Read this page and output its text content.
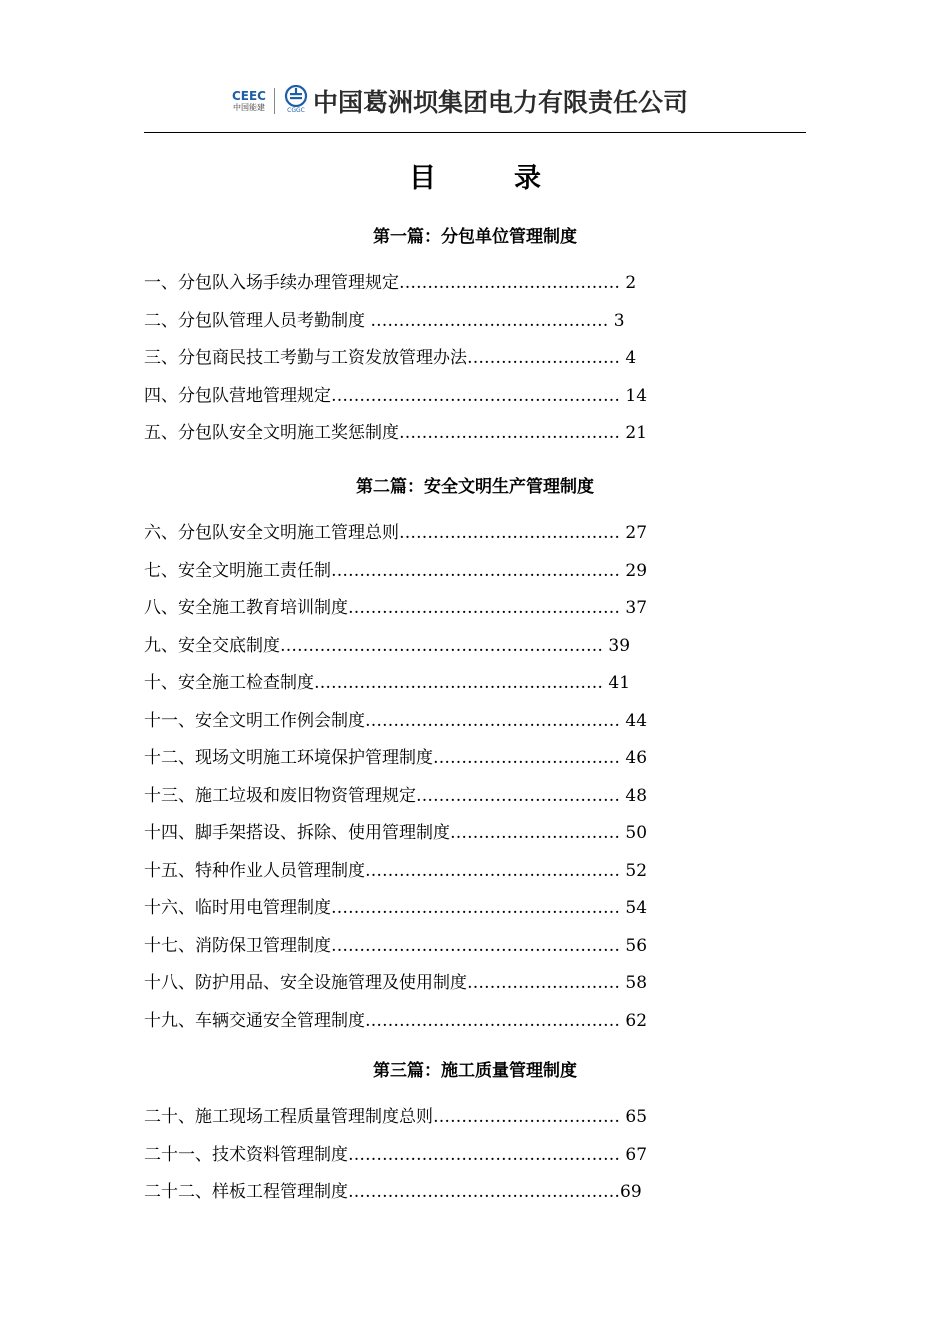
CEEC
中国能建	CGGC 中国葛洲坝集团电力有限责任公司
目录
第一篇：分包单位管理制度
一、分包队入场手续办理管理规定………………………………… 2
二、分包队管理人员考勤制度 …………………………………… 3
三、分包商民技工考勤与工资发放管理办法……………………… 4
四、分包队营地管理规定…………………………………………… 14
五、分包队安全文明施工奖惩制度………………………………… 21
第二篇：安全文明生产管理制度
六、分包队安全文明施工管理总则………………………………… 27
七、安全文明施工责任制…………………………………………… 29
八、安全施工教育培训制度………………………………………… 37
九、安全交底制度………………………………………………… 39
十、安全施工检查制度…………………………………………… 41
十一、安全文明工作例会制度……………………………………… 44
十二、现场文明施工环境保护管理制度…………………………… 46
十三、施工垃圾和废旧物资管理规定……………………………… 48
十四、脚手架搭设、拆除、使用管理制度………………………… 50
十五、特种作业人员管理制度……………………………………… 52
十六、临时用电管理制度…………………………………………… 54
十七、消防保卫管理制度…………………………………………… 56
十八、防护用品、安全设施管理及使用制度……………………… 58
十九、车辆交通安全管理制度……………………………………… 62
第三篇：施工质量管理制度
二十、施工现场工程质量管理制度总则…………………………… 65
二十一、技术资料管理制度………………………………………… 67
二十二、样板工程管理制度…………………………………………69
